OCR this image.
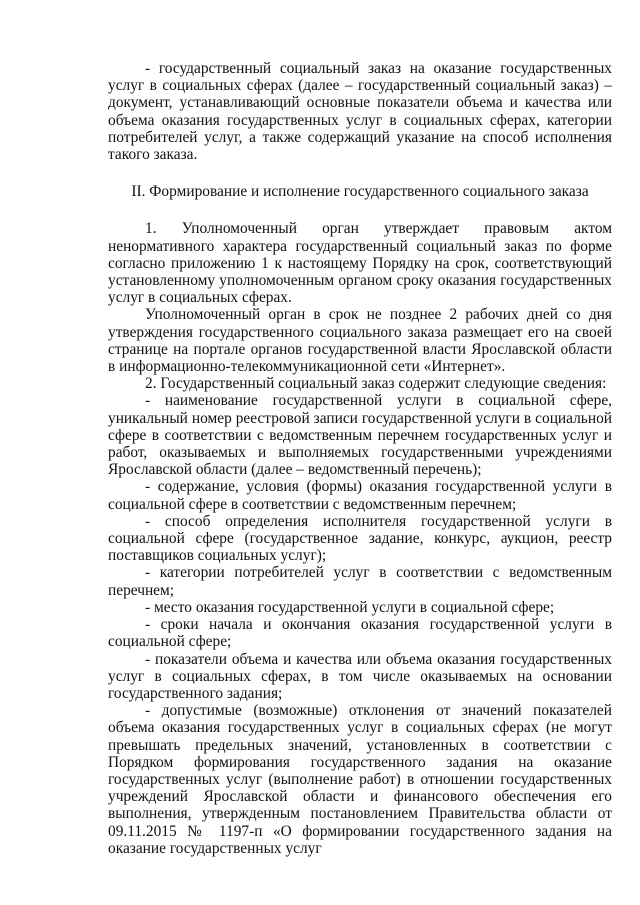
- государственный социальный заказ на оказание государственных услуг в социальных сферах (далее – государственный социальный заказ) – документ, устанавливающий основные показатели объема и качества или объема оказания государственных услуг в социальных сферах, категории потребителей услуг, а также содержащий указание на способ исполнения такого заказа.

II. Формирование и исполнение государственного социального заказа

1. Уполномоченный орган утверждает правовым актом ненормативного характера государственный социальный заказ по форме согласно приложению 1 к настоящему Порядку на срок, соответствующий установленному уполномоченным органом сроку оказания государственных услуг в социальных сферах.

Уполномоченный орган в срок не позднее 2 рабочих дней со дня утверждения государственного социального заказа размещает его на своей странице на портале органов государственной власти Ярославской области в информационно-телекоммуникационной сети «Интернет».

2. Государственный социальный заказ содержит следующие сведения:

- наименование государственной услуги в социальной сфере, уникальный номер реестровой записи государственной услуги в социальной сфере в соответствии с ведомственным перечнем государственных услуг и работ, оказываемых и выполняемых государственными учреждениями Ярославской области (далее – ведомственный перечень);

- содержание, условия (формы) оказания государственной услуги в социальной сфере в соответствии с ведомственным перечнем;

- способ определения исполнителя государственной услуги в социальной сфере (государственное задание, конкурс, аукцион, реестр поставщиков социальных услуг);

- категории потребителей услуг в соответствии с ведомственным перечнем;

- место оказания государственной услуги в социальной сфере;

- сроки начала и окончания оказания государственной услуги в социальной сфере;

- показатели объема и качества или объема оказания государственных услуг в социальных сферах, в том числе оказываемых на основании государственного задания;

- допустимые (возможные) отклонения от значений показателей объема оказания государственных услуг в социальных сферах (не могут превышать предельных значений, установленных в соответствии с Порядком формирования государственного задания на оказание государственных услуг (выполнение работ) в отношении государственных учреждений Ярославской области и финансового обеспечения его выполнения, утвержденным постановлением Правительства области от 09.11.2015 № 1197-п «О формировании государственного задания на оказание государственных услуг
